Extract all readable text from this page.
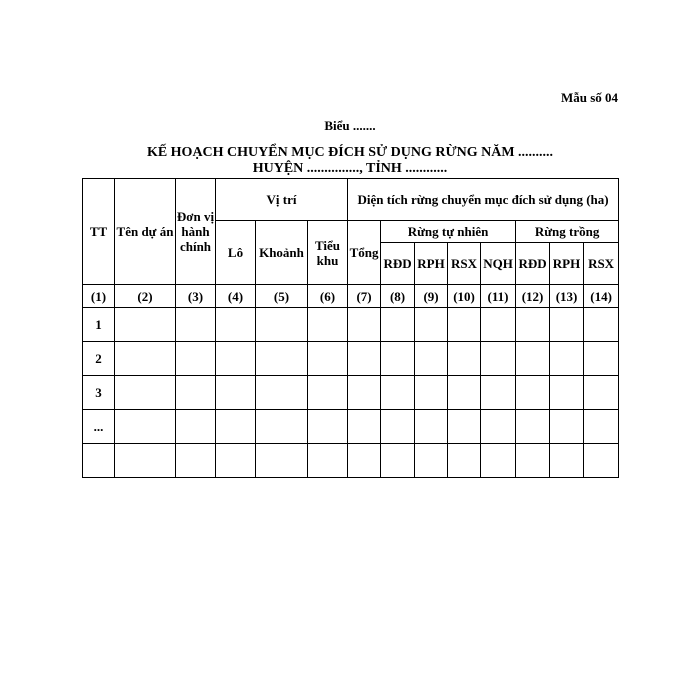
Mẫu số 04
Biểu .......
KẾ HOẠCH CHUYỂN MỤC ĐÍCH SỬ DỤNG RỪNG NĂM ..........
HUYỆN ..............., TỈNH ............
TT	Tên dự án	Đơn vị hành chính	Vị trí			Diện tích rừng chuyển mục đích sử dụng (ha)							
			Lô	Khoảnh	Tiểu khu	Tổng	Rừng tự nhiên				Rừng trồng		
							RĐD	RPH	RSX	NQH	RĐD	RPH	RSX
(1)	(2)	(3)	(4)	(5)	(6)	(7)	(8)	(9)	(10)	(11)	(12)	(13)	(14)
1													
2													
3													
...													
